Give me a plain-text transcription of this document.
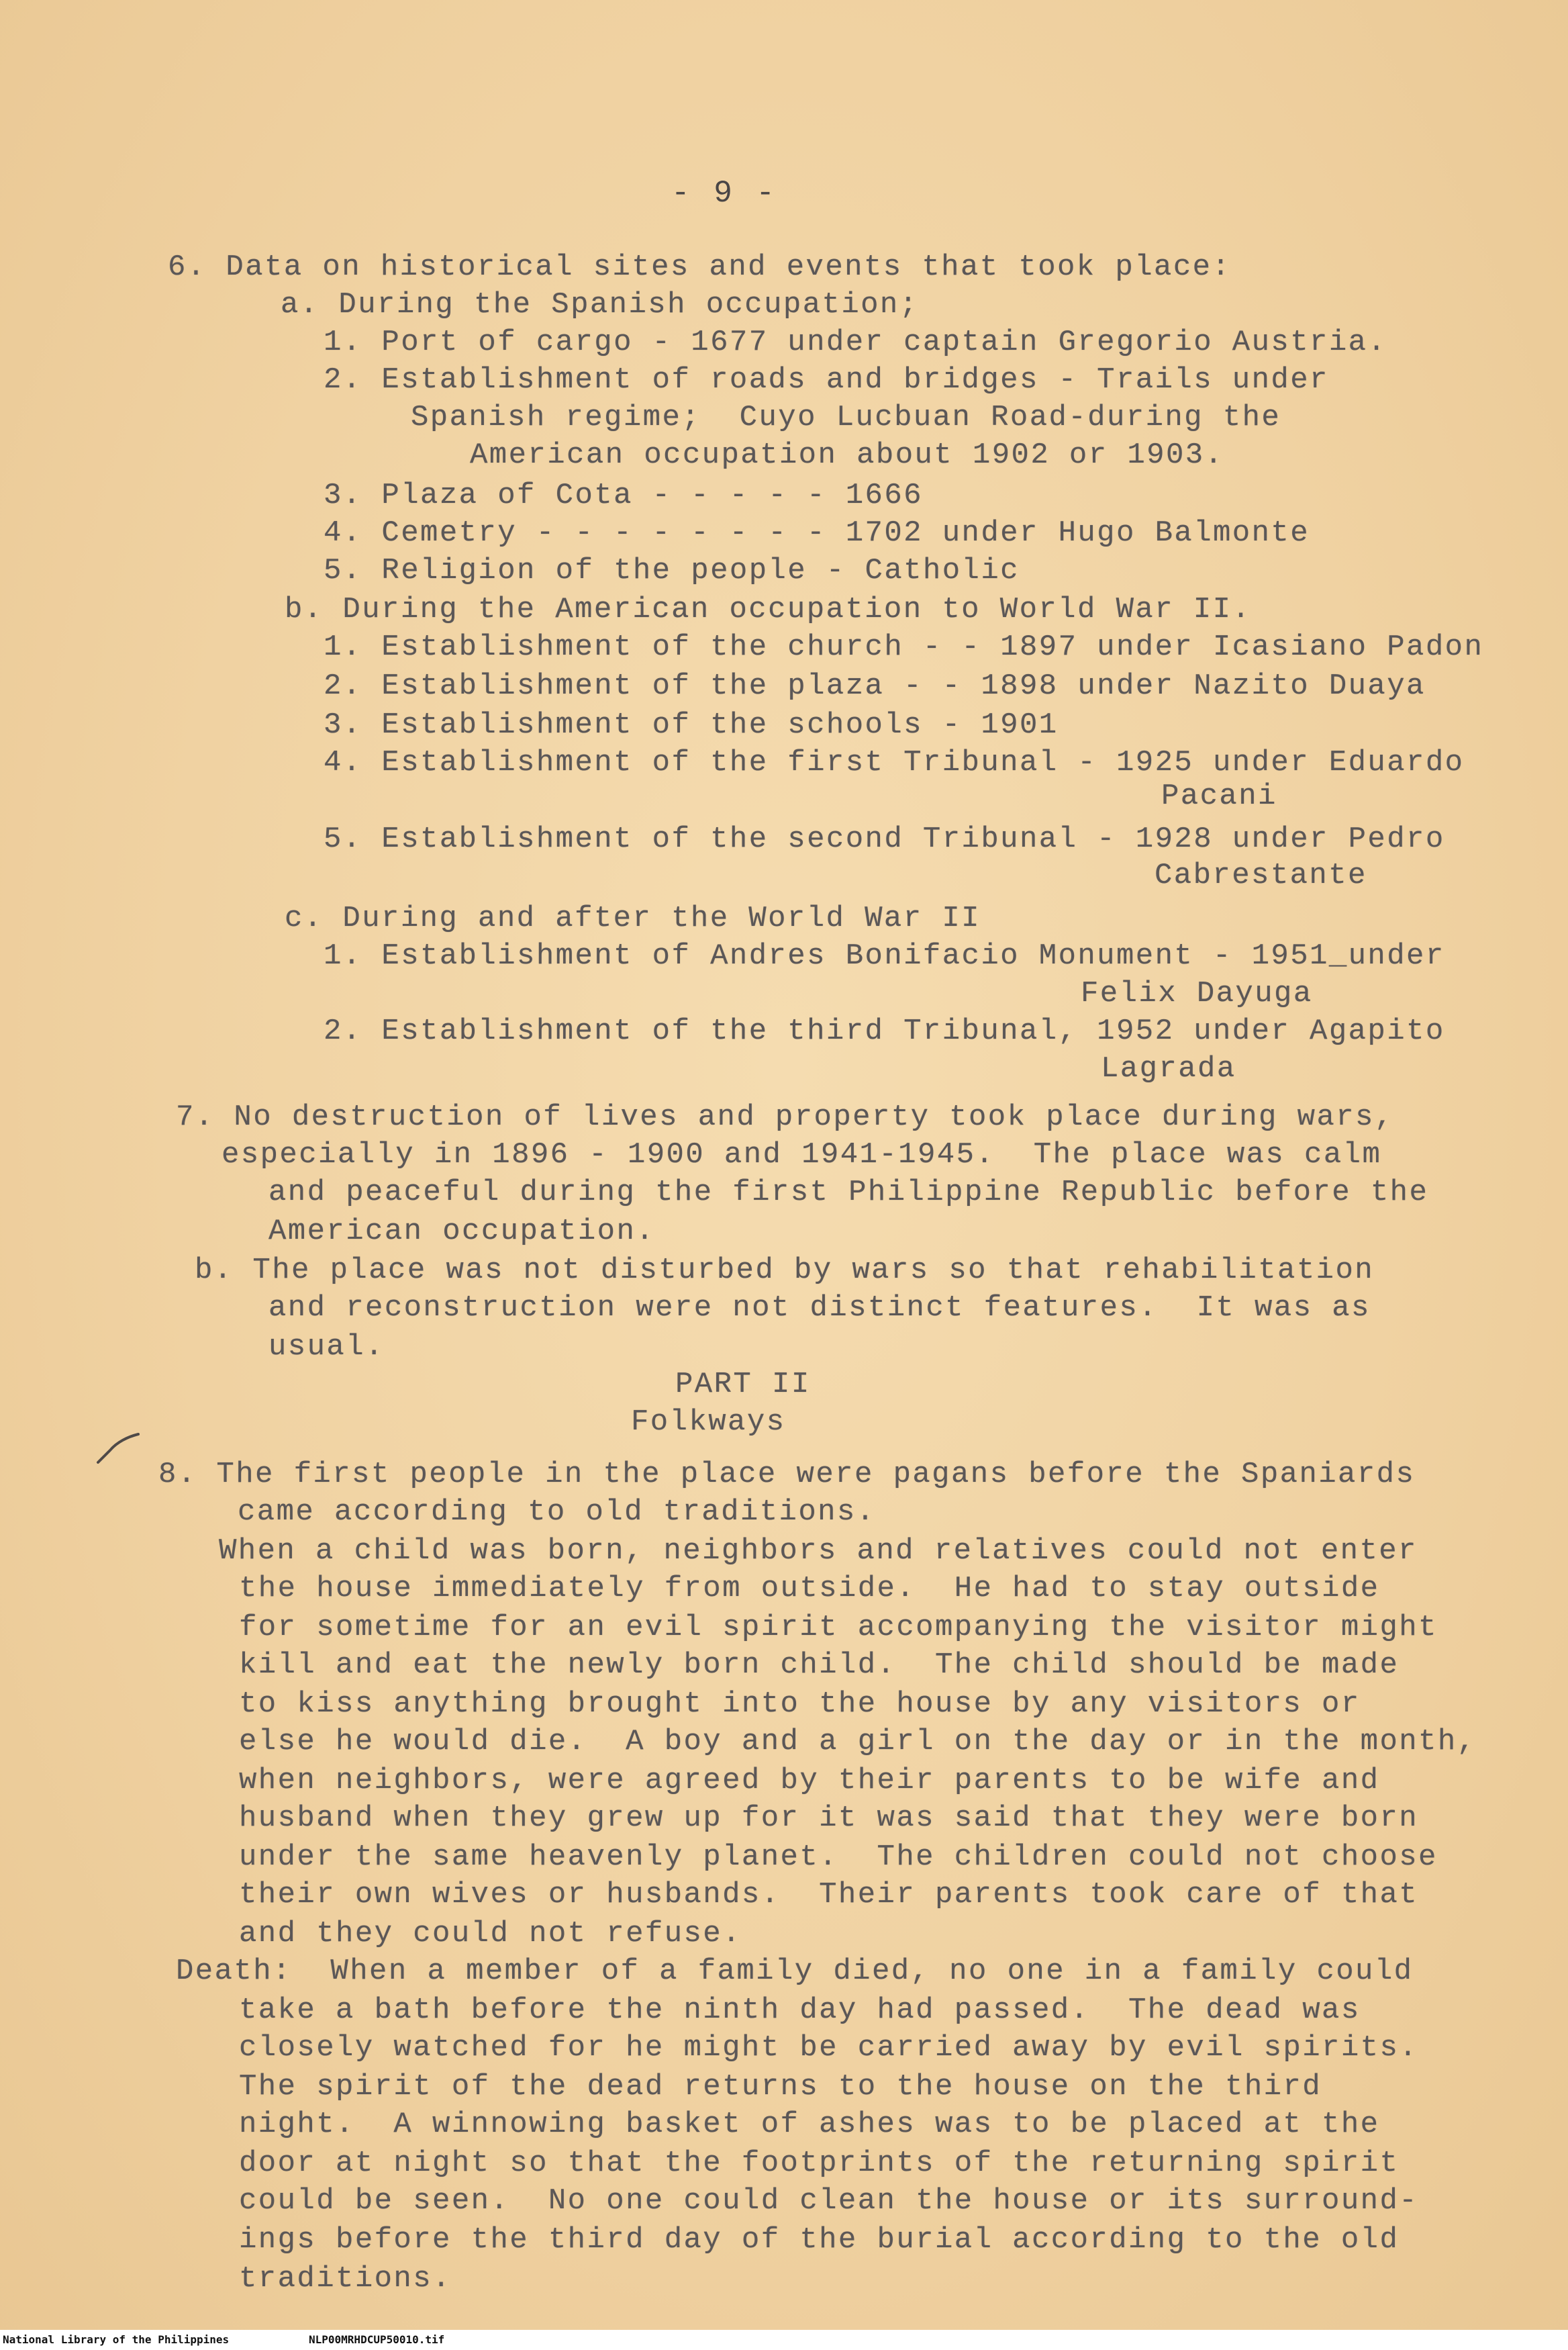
- 9 -
6. Data on historical sites and events that took place:
a. During the Spanish occupation;
1. Port of cargo - 1677 under captain Gregorio Austria.
2. Establishment of roads and bridges - Trails under
Spanish regime;  Cuyo Lucbuan Road-during the
American occupation about 1902 or 1903.
3. Plaza of Cota - - - - - 1666
4. Cemetry - - - - - - - - 1702 under Hugo Balmonte
5. Religion of the people - Catholic
b. During the American occupation to World War II.
1. Establishment of the church - - 1897 under Icasiano Padon
2. Establishment of the plaza - - 1898 under Nazito Duaya
3. Establishment of the schools - 1901
4. Establishment of the first Tribunal - 1925 under Eduardo
Pacani
5. Establishment of the second Tribunal - 1928 under Pedro
Cabrestante
c. During and after the World War II
1. Establishment of Andres Bonifacio Monument - 1951_under
Felix Dayuga
2. Establishment of the third Tribunal, 1952 under Agapito
Lagrada
7. No destruction of lives and property took place during wars,
especially in 1896 - 1900 and 1941-1945.  The place was calm
and peaceful during the first Philippine Republic before the
American occupation.
b. The place was not disturbed by wars so that rehabilitation
and reconstruction were not distinct features.  It was as
usual.
PART II
Folkways
8. The first people in the place were pagans before the Spaniards
came according to old traditions.
When a child was born, neighbors and relatives could not enter
the house immediately from outside.  He had to stay outside
for sometime for an evil spirit accompanying the visitor might
kill and eat the newly born child.  The child should be made
to kiss anything brought into the house by any visitors or
else he would die.  A boy and a girl on the day or in the month,
when neighbors, were agreed by their parents to be wife and
husband when they grew up for it was said that they were born
under the same heavenly planet.  The children could not choose
their own wives or husbands.  Their parents took care of that
and they could not refuse.
Death:  When a member of a family died, no one in a family could
take a bath before the ninth day had passed.  The dead was
closely watched for he might be carried away by evil spirits.
The spirit of the dead returns to the house on the third
night.  A winnowing basket of ashes was to be placed at the
door at night so that the footprints of the returning spirit
could be seen.  No one could clean the house or its surround-
ings before the third day of the burial according to the old
traditions.
National Library of the Philippines	NLP00MRHDCUP50010.tif
